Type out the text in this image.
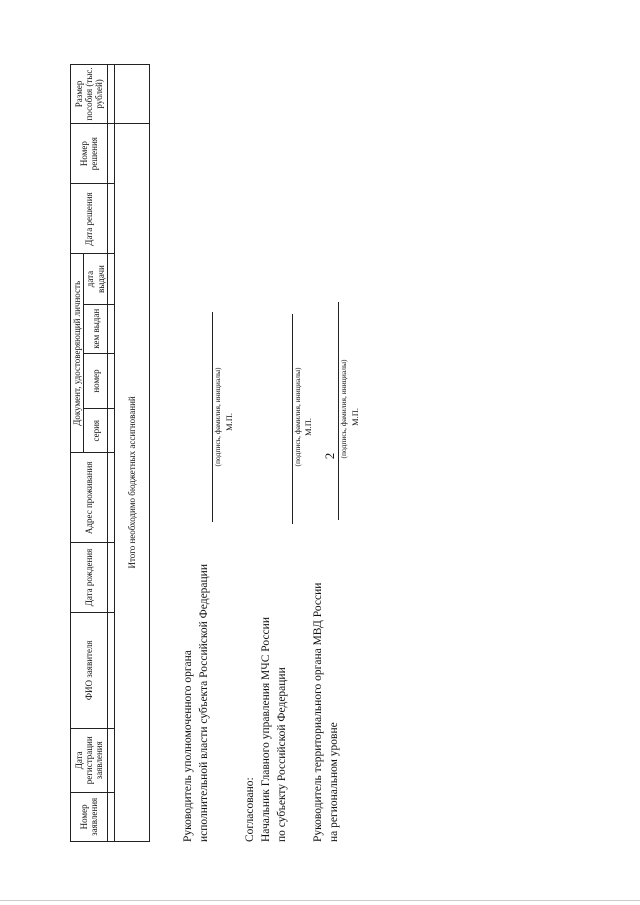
2
Номер заявления	Дата регистрации заявления	ФИО заявителя	Дата рождения	Адрес проживания	Документ, удостоверяющий личность				Дата решения	Номер решения	Размер пособия (тыс. рублей)
					серия	номер	кем выдан	дата выдачи			

Итого необходимо бюджетных ассигнований											
Руководитель уполномоченного органа исполнительной власти субъекта Российской Федерации
(подпись, фамилия, инициалы) М.П.
Согласовано: Начальник Главного управления МЧС России по субъекту Российской Федерации
(подпись, фамилия, инициалы) М.П.
Руководитель территориального органа МВД России на региональном уровне
(подпись, фамилия, инициалы) М.П.
